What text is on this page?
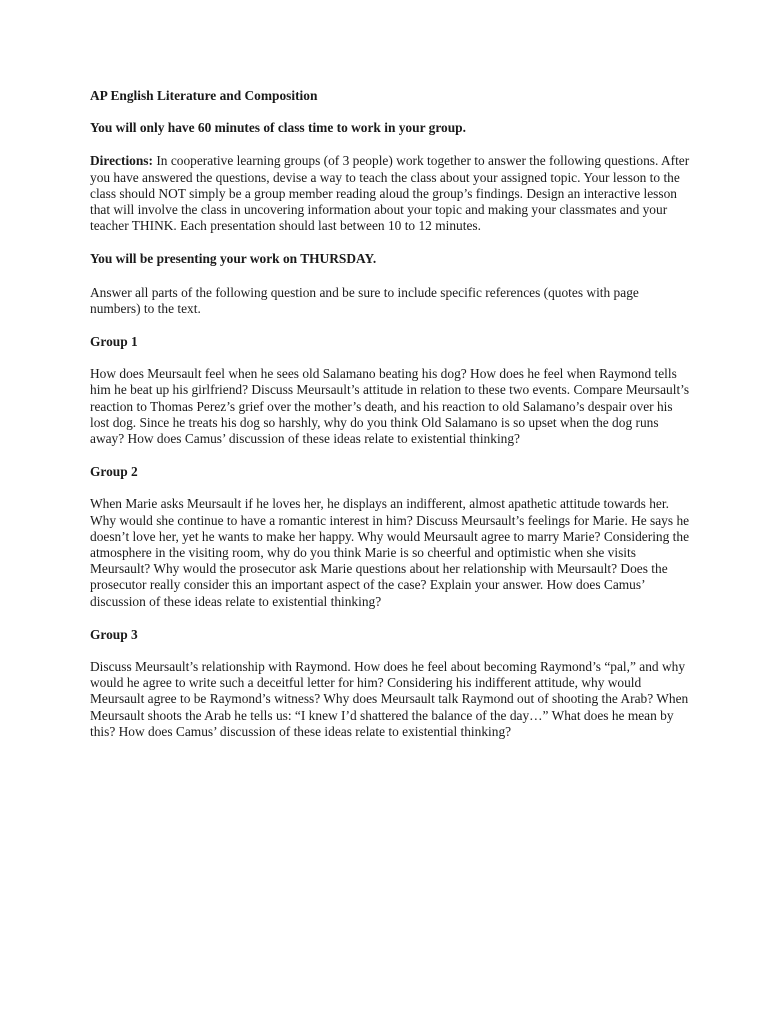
AP English Literature and Composition

You will only have 60 minutes of class time to work in your group.

Directions: In cooperative learning groups (of 3 people) work together to answer the following questions. After you have answered the questions, devise a way to teach the class about your assigned topic. Your lesson to the class should NOT simply be a group member reading aloud the group’s findings. Design an interactive lesson that will involve the class in uncovering information about your topic and making your classmates and your teacher THINK. Each presentation should last between 10 to 12 minutes.

You will be presenting your work on THURSDAY.

Answer all parts of the following question and be sure to include specific references (quotes with page numbers) to the text.

Group 1

How does Meursault feel when he sees old Salamano beating his dog? How does he feel when Raymond tells him he beat up his girlfriend? Discuss Meursault’s attitude in relation to these two events. Compare Meursault’s reaction to Thomas Perez’s grief over the mother’s death, and his reaction to old Salamano’s despair over his lost dog. Since he treats his dog so harshly, why do you think Old Salamano is so upset when the dog runs away? How does Camus’ discussion of these ideas relate to existential thinking?

Group 2

When Marie asks Meursault if he loves her, he displays an indifferent, almost apathetic attitude towards her. Why would she continue to have a romantic interest in him? Discuss Meursault’s feelings for Marie. He says he doesn’t love her, yet he wants to make her happy. Why would Meursault agree to marry Marie? Considering the atmosphere in the visiting room, why do you think Marie is so cheerful and optimistic when she visits Meursault? Why would the prosecutor ask Marie questions about her relationship with Meursault? Does the prosecutor really consider this an important aspect of the case? Explain your answer. How does Camus’ discussion of these ideas relate to existential thinking?

Group 3

Discuss Meursault’s relationship with Raymond. How does he feel about becoming Raymond’s “pal,” and why would he agree to write such a deceitful letter for him? Considering his indifferent attitude, why would Meursault agree to be Raymond’s witness? Why does Meursault talk Raymond out of shooting the Arab? When Meursault shoots the Arab he tells us: “I knew I’d shattered the balance of the day…” What does he mean by this? How does Camus’ discussion of these ideas relate to existential thinking?
